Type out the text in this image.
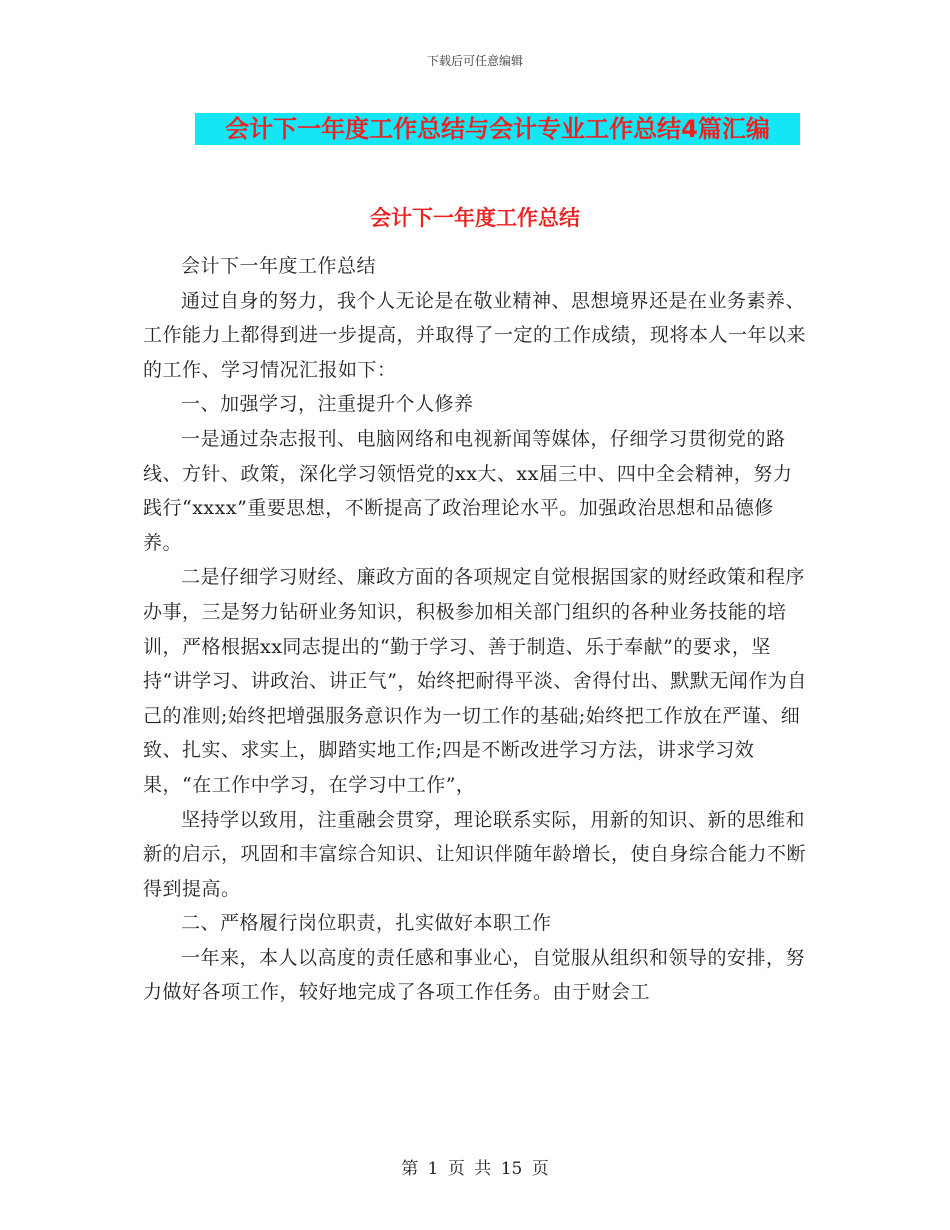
下载后可任意编辑
会计下一年度工作总结与会计专业工作总结4篇汇编
会计下一年度工作总结

会计下一年度工作总结

通过自身的努力，我个人无论是在敬业精神、思想境界还是在业务素养、工作能力上都得到进一步提高，并取得了一定的工作成绩，现将本人一年以来的工作、学习情况汇报如下：

一、加强学习，注重提升个人修养

一是通过杂志报刊、电脑网络和电视新闻等媒体，仔细学习贯彻党的路线、方针、政策，深化学习领悟党的xx大、xx届三中、四中全会精神，努力践行“xxxx”重要思想，不断提高了政治理论水平。加强政治思想和品德修养。

二是仔细学习财经、廉政方面的各项规定自觉根据国家的财经政策和程序办事，三是努力钻研业务知识，积极参加相关部门组织的各种业务技能的培训，严格根据xx同志提出的“勤于学习、善于制造、乐于奉献”的要求，坚持“讲学习、讲政治、讲正气”，始终把耐得平淡、舍得付出、默默无闻作为自己的准则;始终把增强服务意识作为一切工作的基础;始终把工作放在严谨、细致、扎实、求实上，脚踏实地工作;四是不断改进学习方法，讲求学习效果，“在工作中学习，在学习中工作”，

坚持学以致用，注重融会贯穿，理论联系实际，用新的知识、新的思维和新的启示，巩固和丰富综合知识、让知识伴随年龄增长，使自身综合能力不断得到提高。

二、严格履行岗位职责，扎实做好本职工作

一年来，本人以高度的责任感和事业心，自觉服从组织和领导的安排，努力做好各项工作，较好地完成了各项工作任务。由于财会工

第 1 页 共 15 页
